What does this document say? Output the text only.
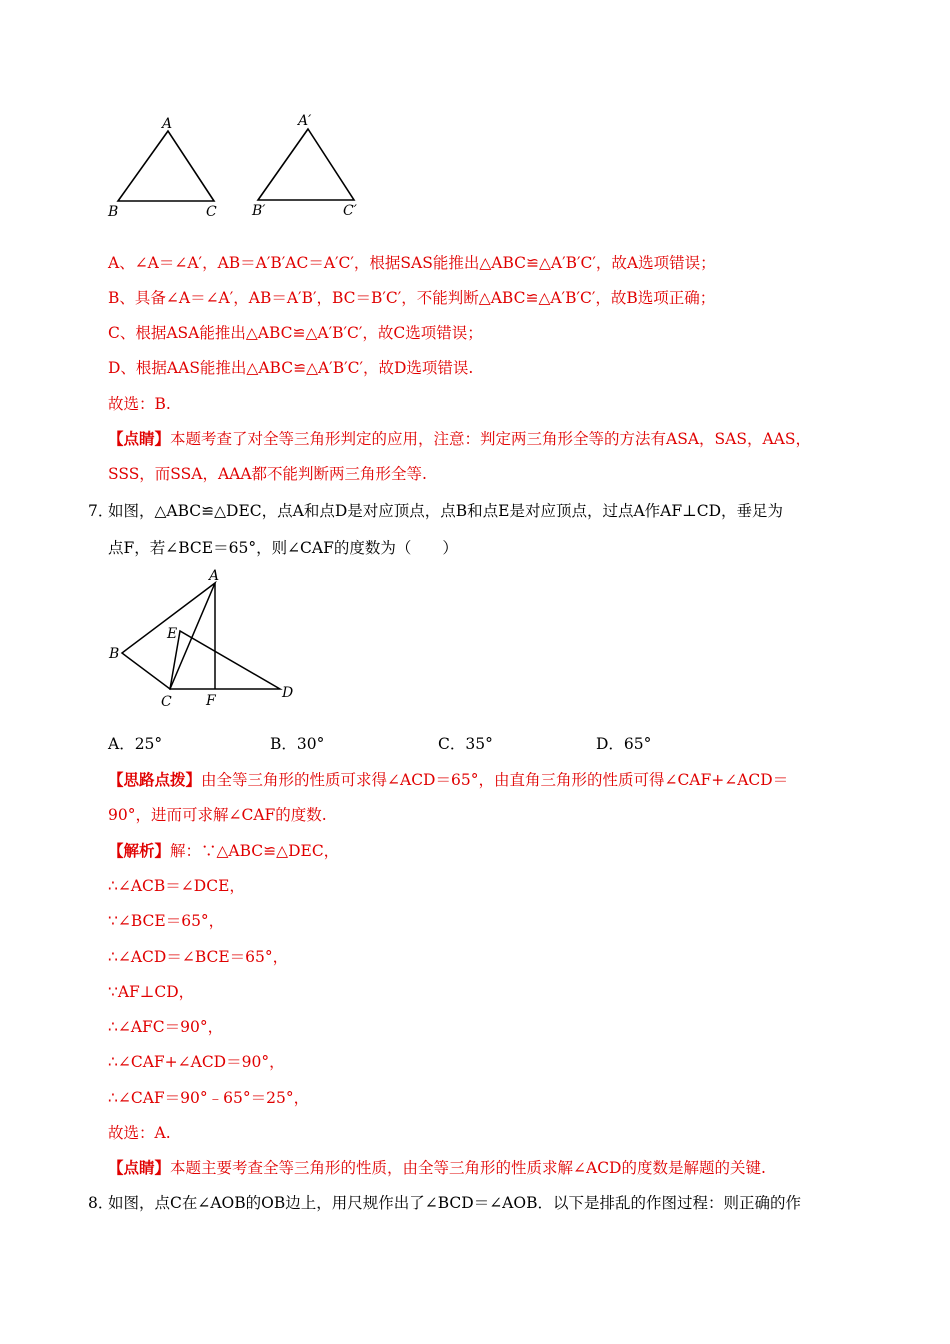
A
B	C
A′
B′	C′
A、∠A＝∠A′，AB＝A′B′AC＝A′C′，根据SAS能推出△ABC≌△A′B′C′，故A选项错误；
B、具备∠A＝∠A′，AB＝A′B′，BC＝B′C′，不能判断△ABC≌△A′B′C′，故B选项正确；
C、根据ASA能推出△ABC≌△A′B′C′，故C选项错误；
D、根据AAS能推出△ABC≌△A′B′C′，故D选项错误.
故选：B.
【点睛】本题考查了对全等三角形判定的应用，注意：判定两三角形全等的方法有ASA，SAS，AAS，
SSS，而SSA，AAA都不能判断两三角形全等.
7．
如图，△ABC≌△DEC，点A和点D是对应顶点，点B和点E是对应顶点，过点A作AF⊥CD，垂足为
点F，若∠BCE＝65°，则∠CAF的度数为（　　）
A
E
B
C F	D
A．25°	B．30°	C．35°	D．65°
【思路点拨】由全等三角形的性质可求得∠ACD＝65°，由直角三角形的性质可得∠CAF+∠ACD＝
90°，进而可求解∠CAF的度数.
【解析】解：∵△ABC≌△DEC，
∴∠ACB＝∠DCE，
∵∠BCE＝65°，
∴∠ACD＝∠BCE＝65°，
∵AF⊥CD，
∴∠AFC＝90°，
∴∠CAF+∠ACD＝90°，
∴∠CAF＝90°﹣65°＝25°，
故选：A.
【点睛】本题主要考查全等三角形的性质，由全等三角形的性质求解∠ACD的度数是解题的关键.
8．
如图，点C在∠AOB的OB边上，用尺规作出了∠BCD＝∠AOB．以下是排乱的作图过程：则正确的作
